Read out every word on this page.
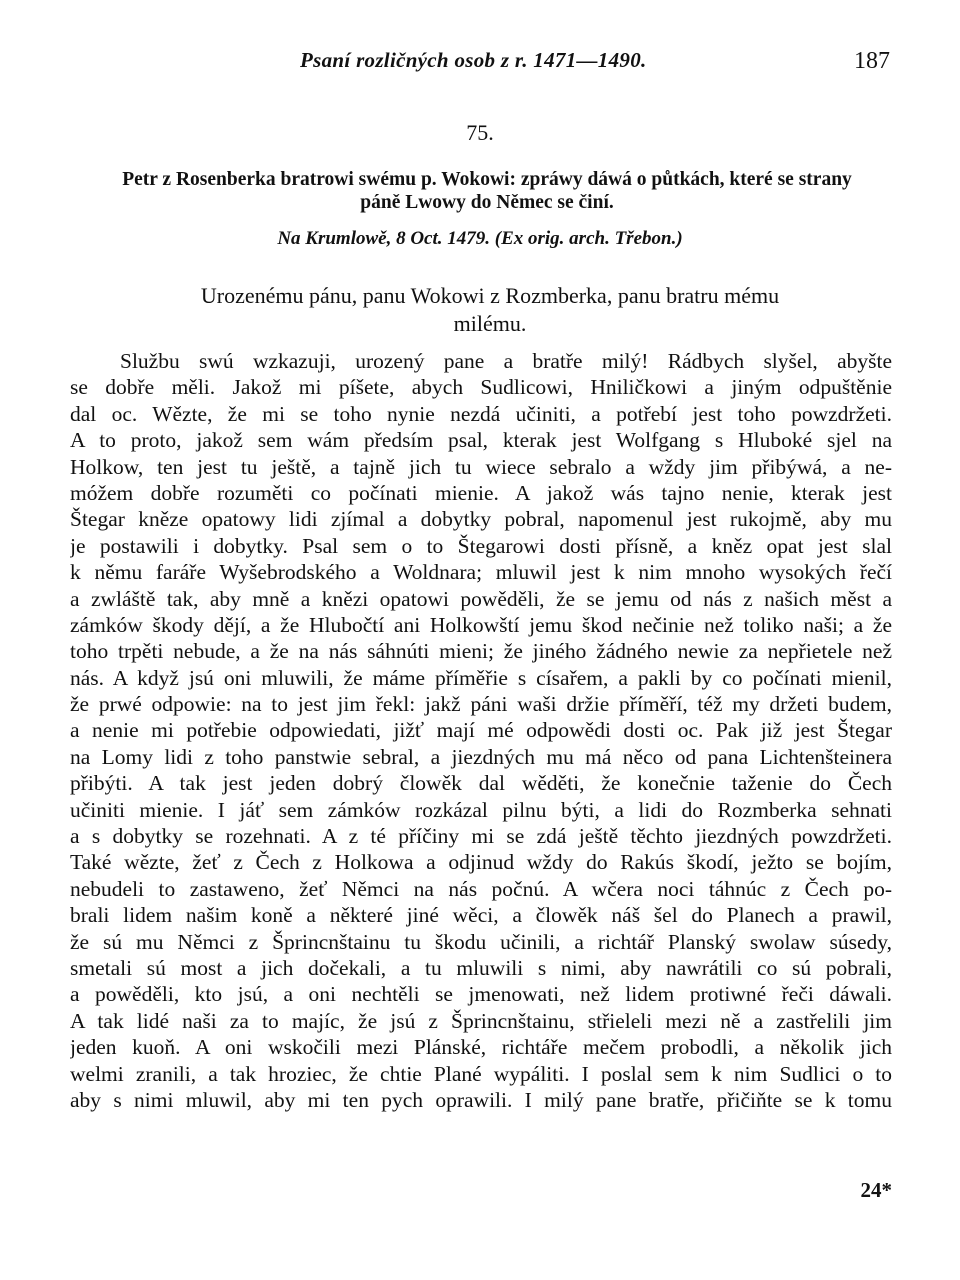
Psaní rozličných osob z r. 1471—1490.	187
75.
Petr z Rosenberka bratrowi swému p. Wokowi: zpráwy dáwá o půtkách, které se strany
páně Lwowy do Němec se činí.
Na Krumlowě, 8 Oct. 1479. (Ex orig. arch. Třebon.)
Urozenému pánu, panu Wokowi z Rozmberka, panu bratru mému
milému.
Službu swú wzkazuji, urozený pane a bratře milý! Rádbych slyšel, abyšte
se dobře měli. Jakož mi píšete, abych Sudlicowi, Hniličkowi a jiným odpuštěnie
dal oc. Wězte, že mi se toho nynie nezdá učiniti, a potřebí jest toho powzdržeti.
A to proto, jakož sem wám předsím psal, kterak jest Wolfgang s Hluboké sjel na
Holkow, ten jest tu ještě, a tajně jich tu wiece sebralo a wždy jim přibýwá, a ne-
móžem dobře rozuměti co počínati mienie. A jakož wás tajno nenie, kterak jest
Štegar kněze opatowy lidi zjímal a dobytky pobral, napomenul jest rukojmě, aby mu
je postawili i dobytky. Psal sem o to Štegarowi dosti přísně, a kněz opat jest slal
k němu faráře Wyšebrodského a Woldnara; mluwil jest k nim mnoho wysokých řečí
a zwláště tak, aby mně a knězi opatowi powěděli, že se jemu od nás z našich měst a
zámków škody dějí, a že Hlubočtí ani Holkowští jemu škod nečinie než toliko naši; a že
toho trpěti nebude, a že na nás sáhnúti mieni; že jiného žádného newie za nepřietele než
nás. A když jsú oni mluwili, že máme příměřie s císařem, a pakli by co počínati mienil,
že prwé odpowie: na to jest jim řekl: jakž páni waši držie příměří, též my držeti budem,
a nenie mi potřebie odpowiedati, jižť mají mé odpowědi dosti oc. Pak již jest Štegar
na Lomy lidi z toho panstwie sebral, a jiezdných mu má něco od pana Lichtenšteinera
přibýti. A tak jest jeden dobrý člowěk dal wěděti, že konečnie taženie do Čech
učiniti mienie. I jáť sem zámków rozkázal pilnu býti, a lidi do Rozmberka sehnati
a s dobytky se rozehnati. A z té příčiny mi se zdá ještě těchto jiezdných powzdržeti.
Také wězte, žeť z Čech z Holkowa a odjinud wždy do Rakús škodí, ježto se bojím,
nebudeli to zastaweno, žeť Němci na nás počnú. A wčera noci táhnúc z Čech po-
brali lidem našim koně a některé jiné wěci, a člowěk náš šel do Planech a prawil,
že sú mu Němci z Šprincnštainu tu škodu učinili, a richtář Planský swolaw súsedy,
smetali sú most a jich dočekali, a tu mluwili s nimi, aby nawrátili co sú pobrali,
a powěděli, kto jsú, a oni nechtěli se jmenowati, než lidem protiwné řeči dáwali.
A tak lidé naši za to majíc, že jsú z Šprincnštainu, střieleli mezi ně a zastřelili jim
jeden kuoň. A oni wskočili mezi Plánské, richtáře mečem probodli, a několik jich
welmi zranili, a tak hroziec, že chtie Plané wypáliti. I poslal sem k nim Sudlici o to
aby s nimi mluwil, aby mi ten pych oprawili. I milý pane bratře, přičiňte se k tomu
24*
